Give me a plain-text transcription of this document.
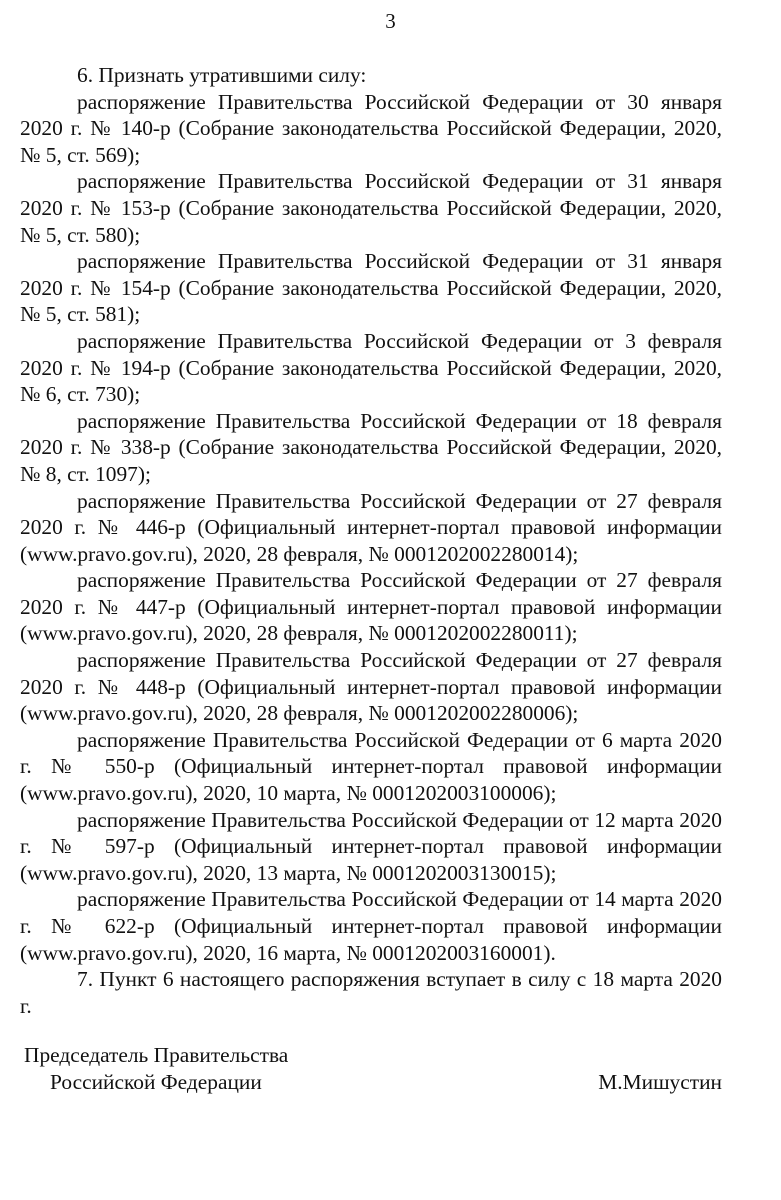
3

6. Признать утратившими силу:

распоряжение Правительства Российской Федерации от 30 января 2020 г. № 140-р (Собрание законодательства Российской Федерации, 2020, № 5, ст. 569);

распоряжение Правительства Российской Федерации от 31 января 2020 г. № 153-р (Собрание законодательства Российской Федерации, 2020, № 5, ст. 580);

распоряжение Правительства Российской Федерации от 31 января 2020 г. № 154-р (Собрание законодательства Российской Федерации, 2020, № 5, ст. 581);

распоряжение Правительства Российской Федерации от 3 февраля 2020 г. № 194-р (Собрание законодательства Российской Федерации, 2020, № 6, ст. 730);

распоряжение Правительства Российской Федерации от 18 февраля 2020 г. № 338-р (Собрание законодательства Российской Федерации, 2020, № 8, ст. 1097);

распоряжение Правительства Российской Федерации от 27 февраля 2020 г. № 446-р (Официальный интернет-портал правовой информации (www.pravo.gov.ru), 2020, 28 февраля, № 0001202002280014);

распоряжение Правительства Российской Федерации от 27 февраля 2020 г. № 447-р (Официальный интернет-портал правовой информации (www.pravo.gov.ru), 2020, 28 февраля, № 0001202002280011);

распоряжение Правительства Российской Федерации от 27 февраля 2020 г. № 448-р (Официальный интернет-портал правовой информации (www.pravo.gov.ru), 2020, 28 февраля, № 0001202002280006);

распоряжение Правительства Российской Федерации от 6 марта 2020 г. № 550-р (Официальный интернет-портал правовой информации (www.pravo.gov.ru), 2020, 10 марта, № 0001202003100006);

распоряжение Правительства Российской Федерации от 12 марта 2020 г. № 597-р (Официальный интернет-портал правовой информации (www.pravo.gov.ru), 2020, 13 марта, № 0001202003130015);

распоряжение Правительства Российской Федерации от 14 марта 2020 г. № 622-р (Официальный интернет-портал правовой информации (www.pravo.gov.ru), 2020, 16 марта, № 0001202003160001).

7. Пункт 6 настоящего распоряжения вступает в силу с 18 марта 2020 г.

Председатель Правительства
Российской Федерации	М.Мишустин
